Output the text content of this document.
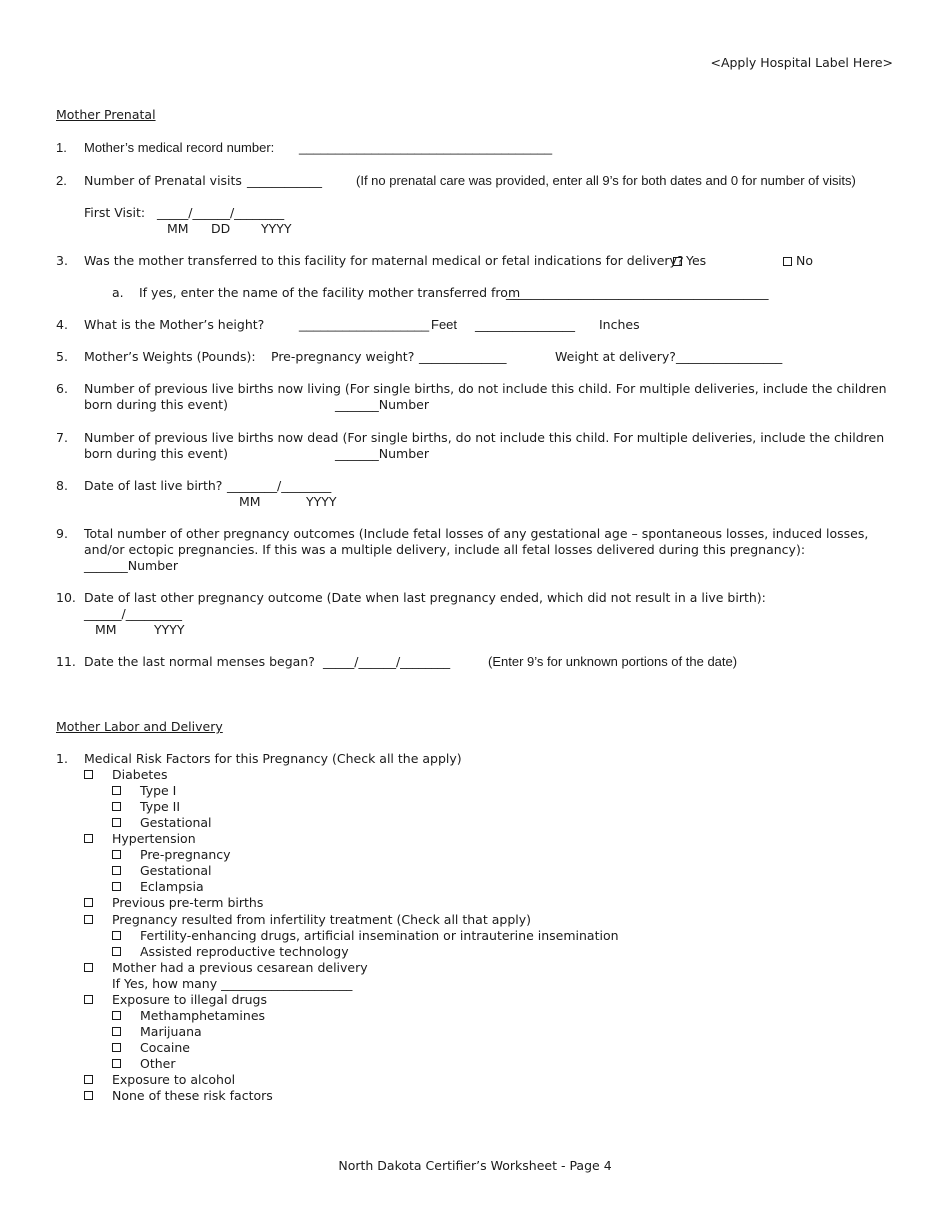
<Apply Hospital Label Here>
Mother Prenatal
1. Mother’s medical record number: ___________________________________
2. Number of Prenatal visits ____________	(If no prenatal care was provided, enter all 9’s for both dates and 0 for number of visits)
First Visit: _____/______/________
MM DD YYYY
3. Was the mother transferred to this facility for maternal medical or fetal indications for delivery? Yes	No
a. If yes, enter the name of the facility mother transferred from
__________________________________________
4. What is the Mother’s height?	__________________ Feet ________________ Inches
5. Mother’s Weights (Pounds): Pre-pregnancy weight? ______________	Weight at delivery? _________________
6. Number of previous live births now living (For single births, do not include this child. For multiple deliveries, include the children
born during this event)	_______Number
7. Number of previous live births now dead (For single births, do not include this child. For multiple deliveries, include the children
born during this event)	_______Number
8. Date of last live birth? ________/________
MM	YYYY
9. Total number of other pregnancy outcomes (Include fetal losses of any gestational age – spontaneous losses, induced losses,
and/or ectopic pregnancies. If this was a multiple delivery, include all fetal losses delivered during this pregnancy):
_______Number
10. Date of last other pregnancy outcome (Date when last pregnancy ended, which did not result in a live birth):
______/_________
MM	YYYY
11. Date the last normal menses began? _____/______/________	(Enter 9’s for unknown portions of the date)
Mother Labor and Delivery
1. Medical Risk Factors for this Pregnancy (Check all the apply)
Diabetes
Type I
Type II
Gestational
Hypertension
Pre-pregnancy
Gestational
Eclampsia
Previous pre-term births
Pregnancy resulted from infertility treatment (Check all that apply)
Fertility-enhancing drugs, artificial insemination or intrauterine insemination
Assisted reproductive technology
Mother had a previous cesarean delivery
If Yes, how many _____________________
Exposure to illegal drugs
Methamphetamines
Marijuana
Cocaine
Other
Exposure to alcohol
None of these risk factors
North Dakota Certifier’s Worksheet - Page 4
